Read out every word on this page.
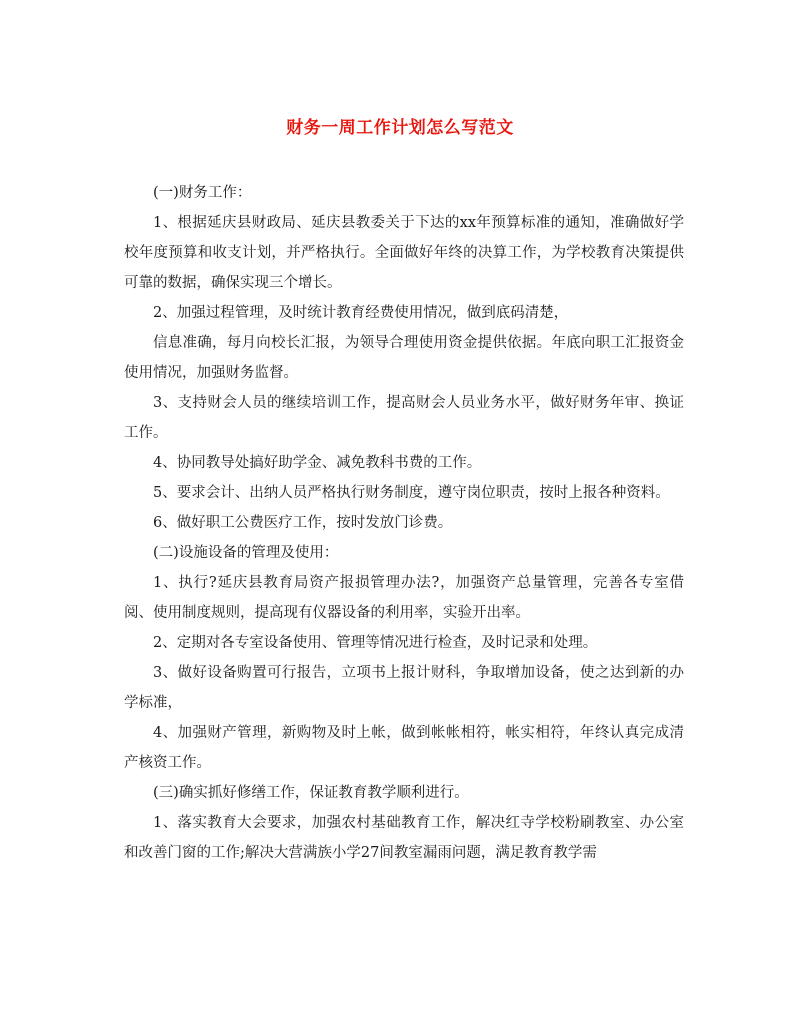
财务一周工作计划怎么写范文

(一)财务工作：

1、根据延庆县财政局、延庆县教委关于下达的xx年预算标准的通知，准确做好学校年度预算和收支计划，并严格执行。全面做好年终的决算工作，为学校教育决策提供可靠的数据，确保实现三个增长。

2、加强过程管理，及时统计教育经费使用情况，做到底码清楚，

信息准确，每月向校长汇报，为领导合理使用资金提供依据。年底向职工汇报资金使用情况，加强财务监督。

3、支持财会人员的继续培训工作，提高财会人员业务水平，做好财务年审、换证工作。

4、协同教导处搞好助学金、减免教科书费的工作。

5、要求会计、出纳人员严格执行财务制度，遵守岗位职责，按时上报各种资料。

6、做好职工公费医疗工作，按时发放门诊费。

(二)设施设备的管理及使用：

1、执行?延庆县教育局资产报损管理办法?，加强资产总量管理，完善各专室借阅、使用制度规则，提高现有仪器设备的利用率，实验开出率。

2、定期对各专室设备使用、管理等情况进行检查，及时记录和处理。

3、做好设备购置可行报告，立项书上报计财科，争取增加设备，使之达到新的办学标准，

4、加强财产管理，新购物及时上帐，做到帐帐相符，帐实相符，年终认真完成清产核资工作。

(三)确实抓好修缮工作，保证教育教学顺利进行。

1、落实教育大会要求，加强农村基础教育工作，解决红寺学校粉刷教室、办公室和改善门窗的工作;解决大营满族小学27间教室漏雨问题，满足教育教学需
